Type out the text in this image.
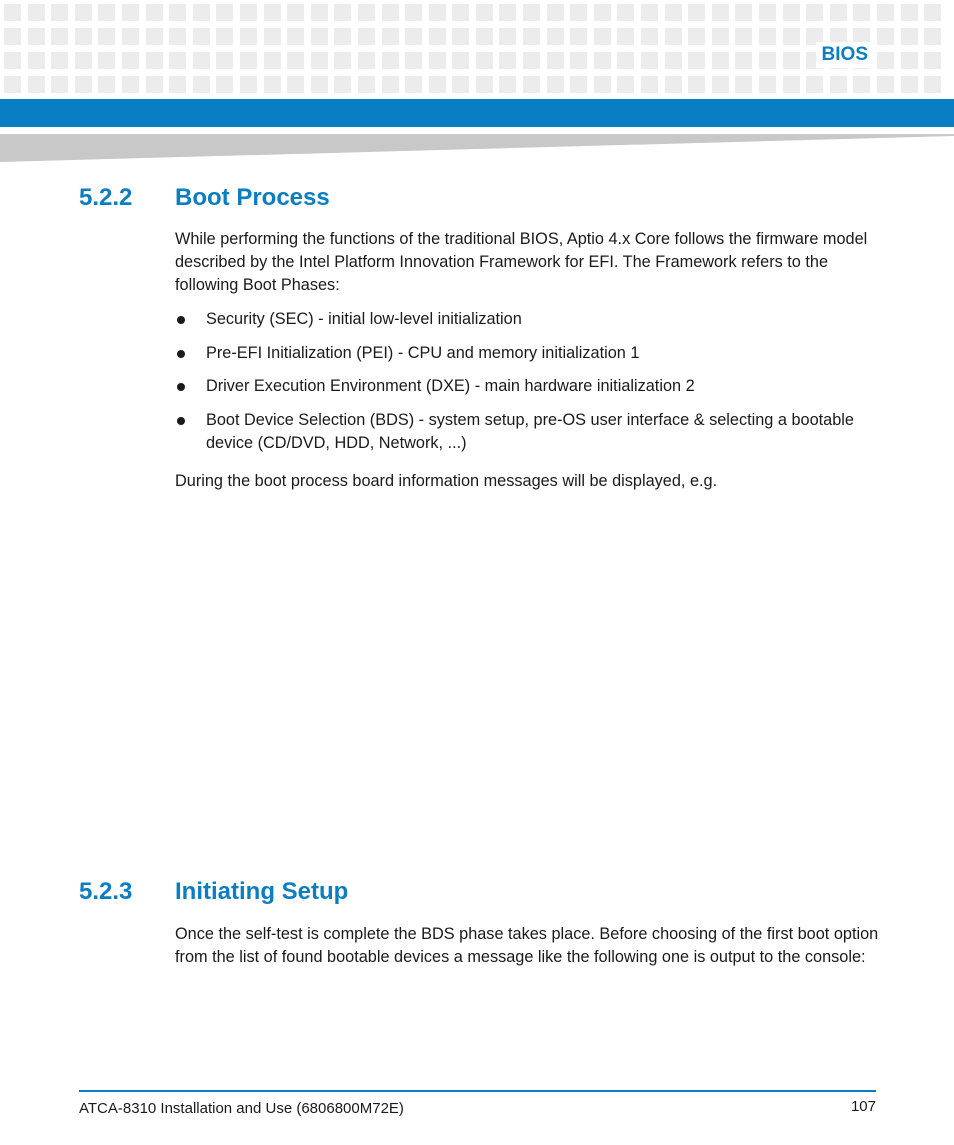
BIOS
5.2.2 Boot Process

While performing the functions of the traditional BIOS, Aptio 4.x Core follows the firmware model described by the Intel Platform Innovation Framework for EFI. The Framework refers to the following Boot Phases:

Security (SEC) - initial low-level initialization
Pre-EFI Initialization (PEI) - CPU and memory initialization 1
Driver Execution Environment (DXE) - main hardware initialization 2
Boot Device Selection (BDS) - system setup, pre-OS user interface & selecting a bootable device (CD/DVD, HDD, Network, ...)

During the boot process board information messages will be displayed, e.g.

5.2.3 Initiating Setup

Once the self-test is complete the BDS phase takes place. Before choosing of the first boot option from the list of found bootable devices a message like the following one is output to the console:

ATCA-8310 Installation and Use (6806800M72E)	107
